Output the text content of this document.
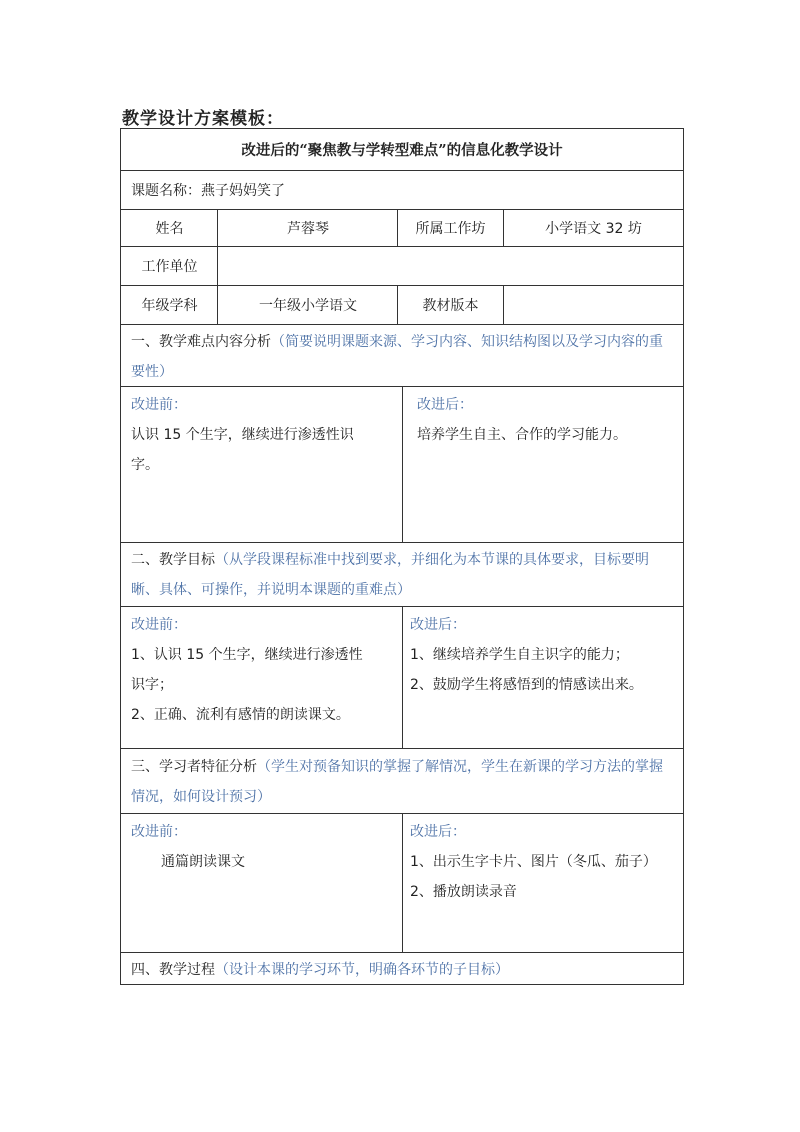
教学设计方案模板：
改进后的“聚焦教与学转型难点”的信息化教学设计
课题名称： 燕子妈妈笑了
姓名	芦蓉琴	所属工作坊	小学语文 32 坊
工作单位
年级学科	一年级小学语文	教材版本
一、教学难点内容分析（简要说明课题来源、学习内容、知识结构图以及学习内容的重要性）
改进前：
认识 15 个生字，继续进行渗透性识
字。
改进后：
培养学生自主、合作的学习能力。
二、教学目标（从学段课程标准中找到要求，并细化为本节课的具体要求，目标要明晰、具体、可操作，并说明本课题的重难点）
改进前：
1、认识 15 个生字，继续进行渗透性
识字；
2、正确、流利有感情的朗读课文。
改进后：
1、继续培养学生自主识字的能力；
2、鼓励学生将感悟到的情感读出来。
三、学习者特征分析（学生对预备知识的掌握了解情况，学生在新课的学习方法的掌握情况，如何设计预习）
改进前：
通篇朗读课文
改进后：
1、出示生字卡片、图片（冬瓜、茄子）
2、播放朗读录音
四、教学过程 （设计本课的学习环节，明确各环节的子目标）
